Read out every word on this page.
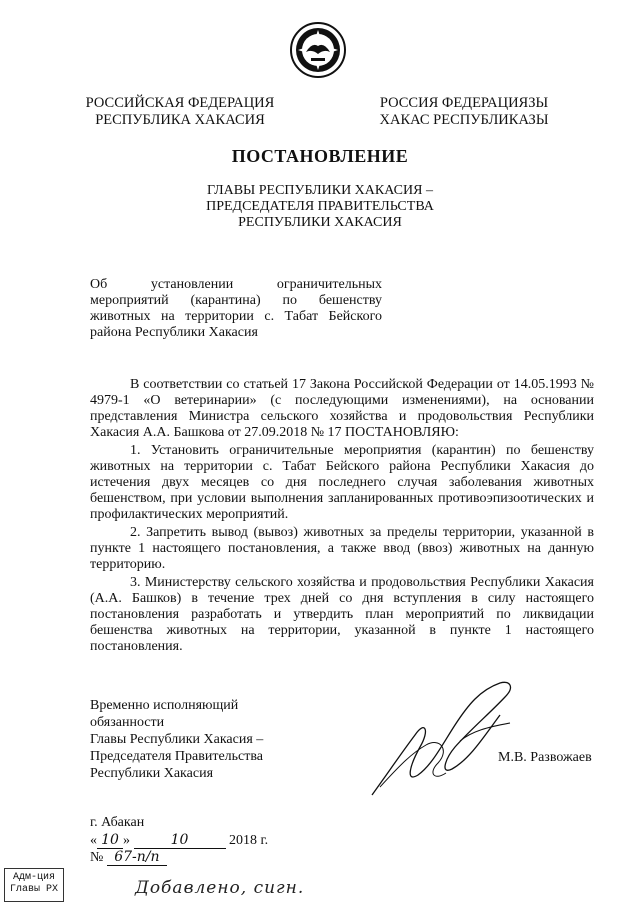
РОССИЙСКАЯ ФЕДЕРАЦИЯ
РЕСПУБЛИКА ХАКАСИЯ
РОССИЯ ФЕДЕРАЦИЯЗЫ
ХАКАС РЕСПУБЛИКАЗЫ
ПОСТАНОВЛЕНИЕ
ГЛАВЫ РЕСПУБЛИКИ ХАКАСИЯ –
ПРЕДСЕДАТЕЛЯ ПРАВИТЕЛЬСТВА
РЕСПУБЛИКИ ХАКАСИЯ
Об установлении ограничительных мероприятий (карантина) по бешенству животных на территории с. Табат Бейского района Республики Хакасия

В соответствии со статьей 17 Закона Российской Федерации от 14.05.1993 № 4979-1 «О ветеринарии» (с последующими изменениями), на основании представления Министра сельского хозяйства и продовольствия Республики Хакасия А.А. Башкова от 27.09.2018 № 17 ПОСТАНОВЛЯЮ:

1. Установить ограничительные мероприятия (карантин) по бешенству животных на территории с. Табат Бейского района Республики Хакасия до истечения двух месяцев со дня последнего случая заболевания животных бешенством, при условии выполнения запланированных противоэпизоотических и профилактических мероприятий.

2. Запретить вывод (вывоз) животных за пределы территории, указанной в пункте 1 настоящего постановления, а также ввод (ввоз) животных на данную территорию.

3. Министерству сельского хозяйства и продовольствия Республики Хакасия (А.А. Башков) в течение трех дней со дня вступления в силу настоящего постановления разработать и утвердить план мероприятий по ликвидации бешенства животных на территории, указанной в пункте 1 настоящего постановления.

Временно исполняющий обязанности
Главы Республики Хакасия –
Председателя Правительства
Республики Хакасия
М.В. Развожаев
г. Абакан
« 10 »	10	2018 г.
№ 67-п/п
Адм-ция
Главы РХ	Добавлено, сигн.
